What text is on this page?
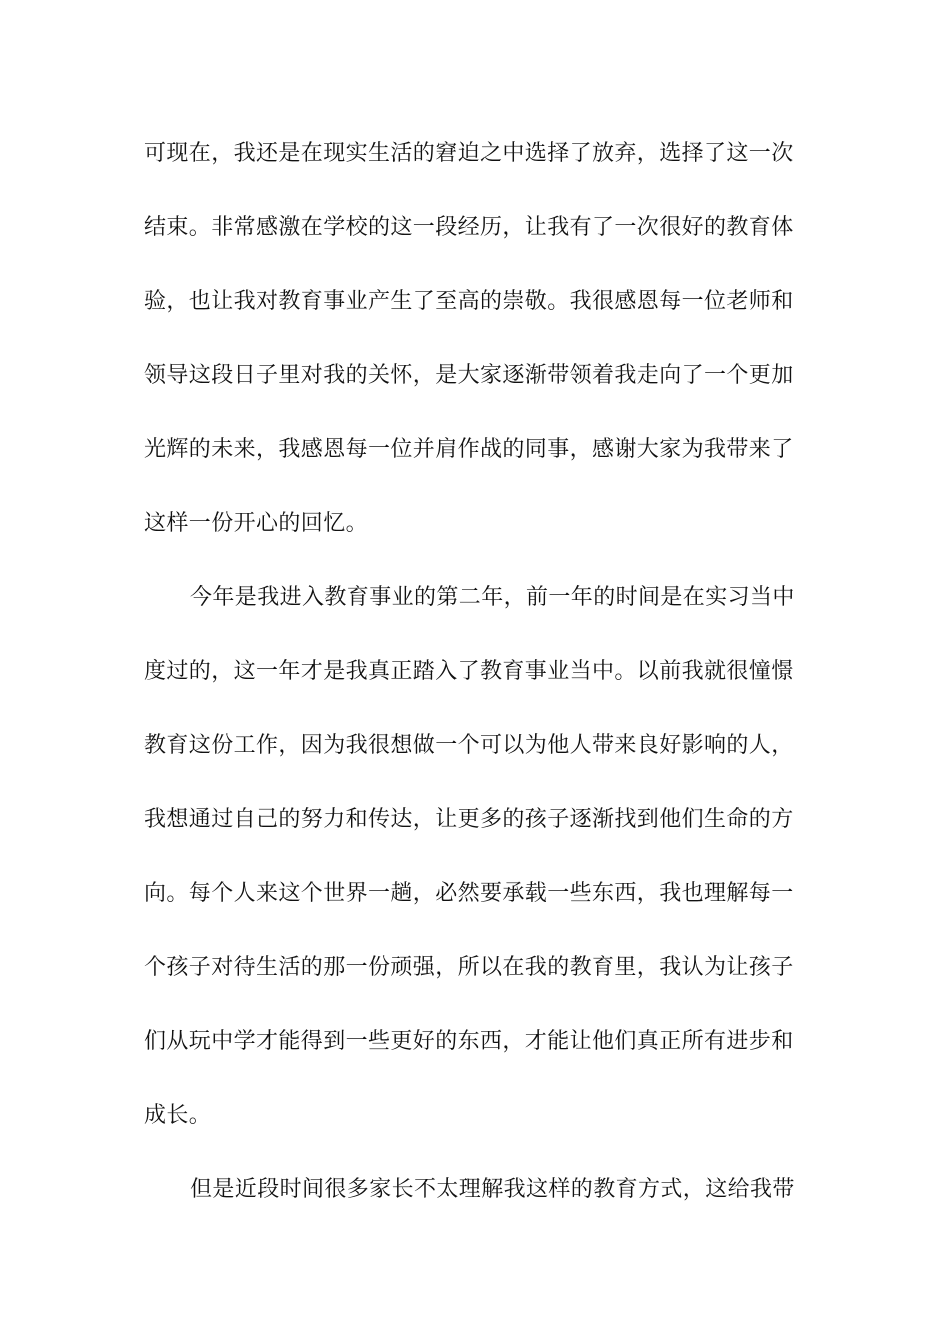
可现在，我还是在现实生活的窘迫之中选择了放弃，选择了这一次
结束。非常感激在学校的这一段经历，让我有了一次很好的教育体
验，也让我对教育事业产生了至高的崇敬。我很感恩每一位老师和
领导这段日子里对我的关怀，是大家逐渐带领着我走向了一个更加
光辉的未来，我感恩每一位并肩作战的同事，感谢大家为我带来了
这样一份开心的回忆。
今年是我进入教育事业的第二年，前一年的时间是在实习当中
度过的，这一年才是我真正踏入了教育事业当中。以前我就很憧憬
教育这份工作，因为我很想做一个可以为他人带来良好影响的人，
我想通过自己的努力和传达，让更多的孩子逐渐找到他们生命的方
向。每个人来这个世界一趟，必然要承载一些东西，我也理解每一
个孩子对待生活的那一份顽强，所以在我的教育里，我认为让孩子
们从玩中学才能得到一些更好的东西，才能让他们真正所有进步和
成长。
但是近段时间很多家长不太理解我这样的教育方式，这给我带
